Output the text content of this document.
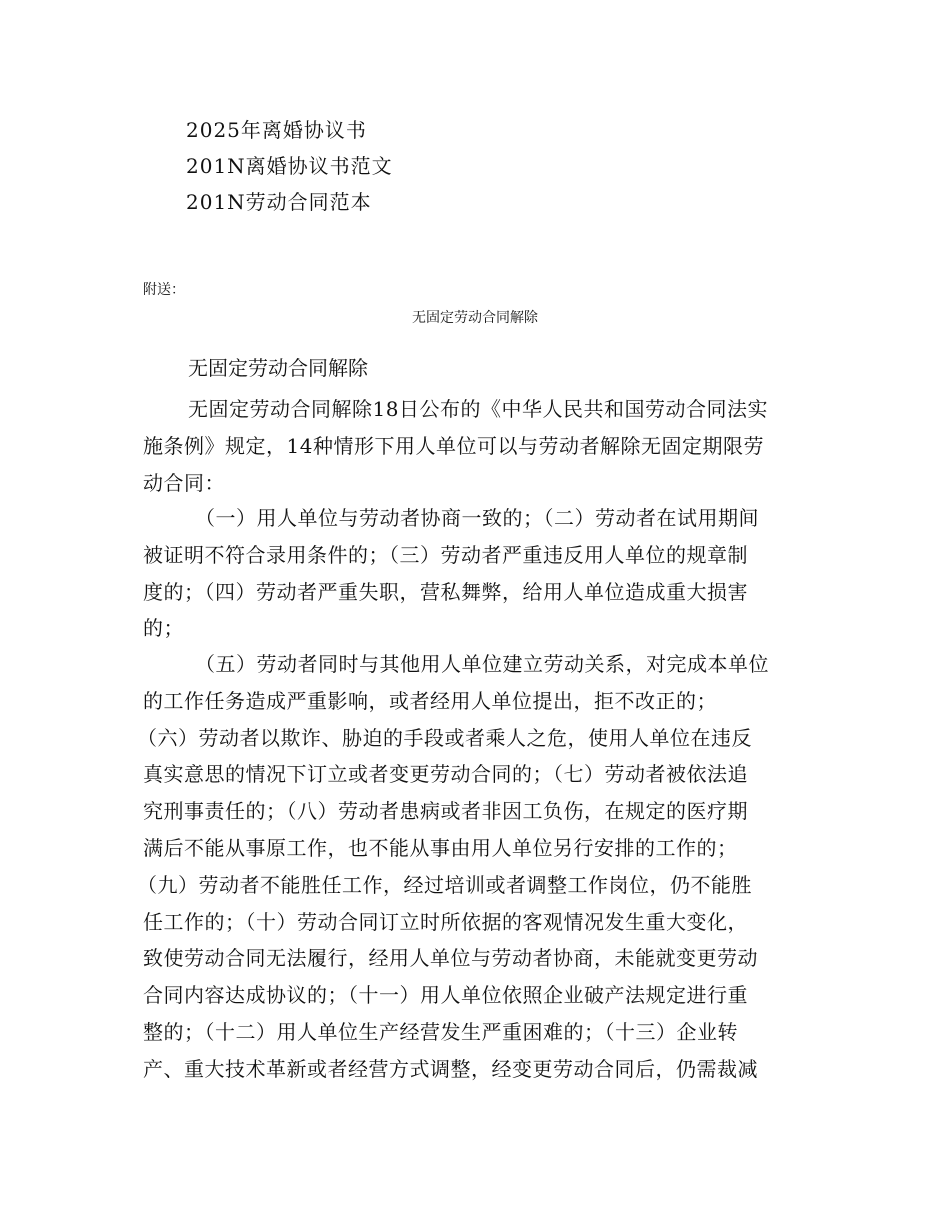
2025年离婚协议书
201N离婚协议书范文
201N劳动合同范本
附送：
无固定劳动合同解除
无固定劳动合同解除
无固定劳动合同解除18日公布的《中华人民共和国劳动合同法实
施条例》规定，14种情形下用人单位可以与劳动者解除无固定期限劳
动合同：
（一）用人单位与劳动者协商一致的；（二）劳动者在试用期间
被证明不符合录用条件的；（三）劳动者严重违反用人单位的规章制
度的；（四）劳动者严重失职，营私舞弊，给用人单位造成重大损害
的；
（五）劳动者同时与其他用人单位建立劳动关系，对完成本单位
的工作任务造成严重影响，或者经用人单位提出，拒不改正的；
（六）劳动者以欺诈、胁迫的手段或者乘人之危，使用人单位在违反
真实意思的情况下订立或者变更劳动合同的；（七）劳动者被依法追
究刑事责任的；（八）劳动者患病或者非因工负伤，在规定的医疗期
满后不能从事原工作，也不能从事由用人单位另行安排的工作的；
（九）劳动者不能胜任工作，经过培训或者调整工作岗位，仍不能胜
任工作的；（十）劳动合同订立时所依据的客观情况发生重大变化，
致使劳动合同无法履行，经用人单位与劳动者协商，未能就变更劳动
合同内容达成协议的；（十一）用人单位依照企业破产法规定进行重
整的；（十二）用人单位生产经营发生严重困难的；（十三）企业转
产、重大技术革新或者经营方式调整，经变更劳动合同后，仍需裁减
